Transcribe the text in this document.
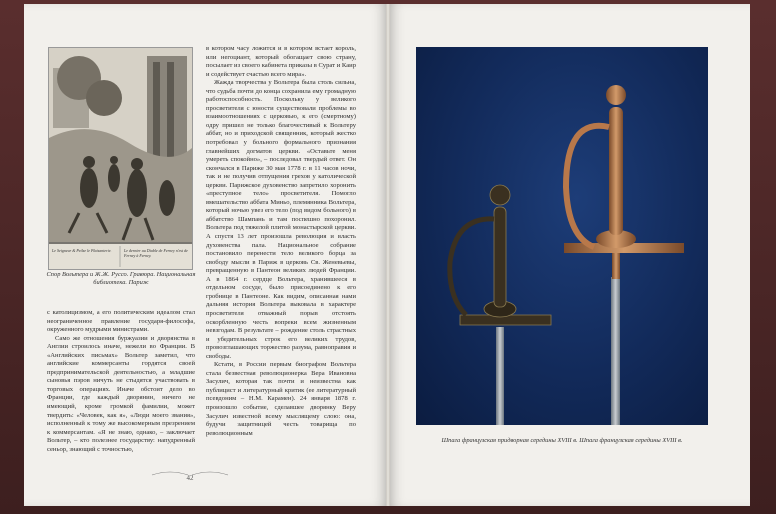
Le Seigneur & Peilse le Plaisanterie.	Le dernier au Diable de Ferney n'est de Ferney à Ferney.
Спор Вольтера и Ж.Ж. Руссо. Гравюра. Национальная библиотека. Париж

в котором часу ложится и в котором встает король, или негоциант, который обогащает свою страну, посылает из своего кабинета приказы в Сурат и Каир и содействует счастью всего мира».

Жажда творчества у Вольтера была столь сильна, что судьба почти до конца сохранила ему громадную работоспособность. Поскольку у великого просветителя с юности существовали проблемы во взаимоотношениях с церковью, к его (смертному) одру пришел не только благочестивый к Вольтеру аббат, но и приходской священник, который жестко потребовал у больного формального признания главнейших догматов церкви. «Оставьте меня умереть спокойно», – последовал твердый ответ. Он скончался в Париже 30 мая 1778 г. в 11 часов ночи, так и не получив отпущения грехов у католической церкви. Парижское духовенство запретило хоронить «преступное тело» просветителя. Помогло вмешательство аббата Миньо, племянника Вольтера, который ночью увез его тело (под видом больного) в аббатство Шампань и там поспешно похоронил. Вольтера под тяжелой плитой монастырской церкви. А спустя 13 лет произошла революция и власть духовенства пала. Национальное собрание постановило перенести тело великого борца за свободу мысли в Париж в церковь Св. Женевьевы, превращенную в Пантеон великих людей Франции. А в 1864 г. сердце Вольтера, хранившееся в отдельном сосуде, было присоединено к его гробнице в Пантеоне. Как видим, описанная нами дальняя история Вольтера выковала в характере просветителя отважный порыв отстоять оскорбленную честь вопреки всем жизненным невзгодам. В результате – рождение столь страстных и убедительных строк его великих трудов, провозглашающих торжество разума, равноправия и свободы.

Кстати, в России первым биографом Вольтера стала безвестная революционерка Вера Ивановна Засулич, которая так почти и неизвестна как публицист и литературный критик (ее литературный псевдоним – Н.М. Карамен). 24 января 1878 г. произошло событие, сделавшее дворянку Веру Засулич известной всему мыслящему слою: она, будучи защитницей честь товарища по революционным

с католицизмом, а его политическим идеалом стал неограниченное правление государя-философа, окруженного мудрыми министрами.

Само же отношения буржуазии и дворянства в Англии строилось иначе, нежели во Франции. В «Английских письмах» Вольтер заметил, что английские коммерсанты гордятся своей предпринимательской деятельностью, а младшие сыновья пэров ничуть не стыдятся участвовать в торговых операциях. Иначе обстоит дело во Франции, где каждый дворянин, ничего не имеющий, кроме громкой фамилии, может твердить: «Человек, как я», «Люди моего звания», исполненный к тому же высокомерным презрением к коммерсантам. «Я не знаю, однако, – заключает Вольтер, – кто полезнее государству: напудренный сеньор, знающий с точностью,

42
Шпага французская придворная середины XVIII в. Шпага французская середины XVIII в.
